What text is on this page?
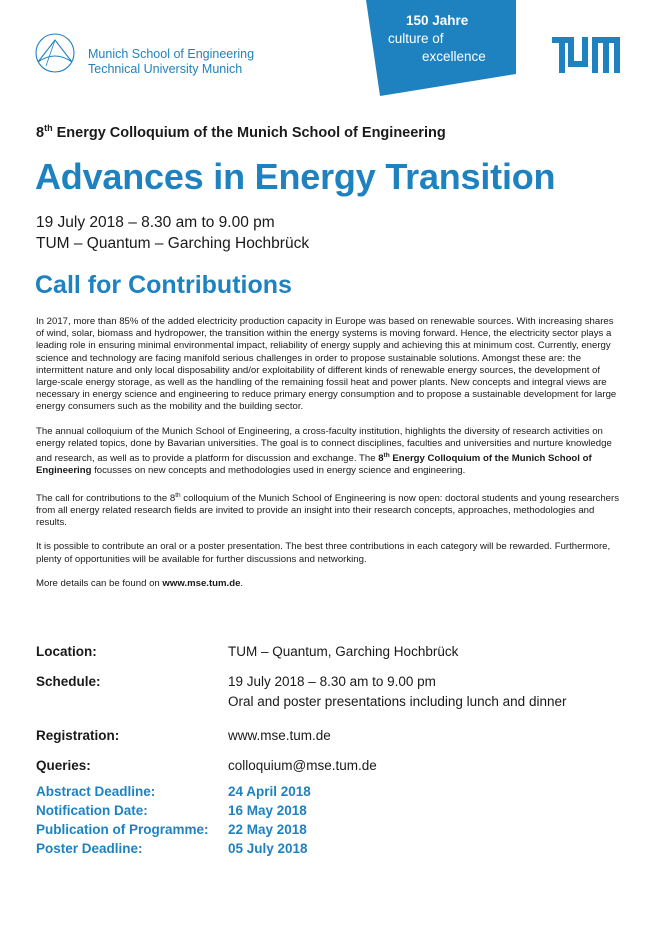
Munich School of Engineering
Technical University Munich
150 Jahre
culture of
excellence
8th Energy Colloquium of the Munich School of Engineering
Advances in Energy Transition
19 July 2018 – 8.30 am to 9.00 pm
TUM – Quantum – Garching Hochbrück
Call for Contributions

In 2017, more than 85% of the added electricity production capacity in Europe was based on renewable sources. With increasing shares of wind, solar, biomass and hydropower, the transition within the energy systems is moving forward. Hence, the electricity sector plays a leading role in ensuring minimal environmental impact, reliability of energy supply and achieving this at minimum cost. Currently, energy science and technology are facing manifold serious challenges in order to propose sustainable solutions. Amongst these are: the intermittent nature and only local disposability and/or exploitability of different kinds of renewable energy sources, the development of large-scale energy storage, as well as the handling of the remaining fossil heat and power plants. New concepts and integral views are necessary in energy science and engineering to reduce primary energy consumption and to propose a sustainable development for large energy consumers such as the mobility and the building sector.

The annual colloquium of the Munich School of Engineering, a cross-faculty institution, highlights the diversity of research activities on energy related topics, done by Bavarian universities. The goal is to connect disciplines, faculties and universities and nurture knowledge and research, as well as to provide a platform for discussion and exchange. The 8th Energy Colloquium of the Munich School of Engineering focusses on new concepts and methodologies used in energy science and engineering.

The call for contributions to the 8th colloquium of the Munich School of Engineering is now open: doctoral students and young researchers from all energy related research fields are invited to provide an insight into their research concepts, approaches, methodologies and results.

It is possible to contribute an oral or a poster presentation. The best three contributions in each category will be rewarded. Furthermore, plenty of opportunities will be available for further discussions and networking.

More details can be found on www.mse.tum.de.

Location:	TUM – Quantum, Garching Hochbrück
Schedule:	19 July 2018 – 8.30 am to 9.00 pm
Oral and poster presentations including lunch and dinner
Registration:	www.mse.tum.de
Queries:	colloquium@mse.tum.de
Abstract Deadline:	24 April 2018
Notification Date:	16 May 2018
Publication of Programme:	22 May 2018
Poster Deadline:	05 July 2018
